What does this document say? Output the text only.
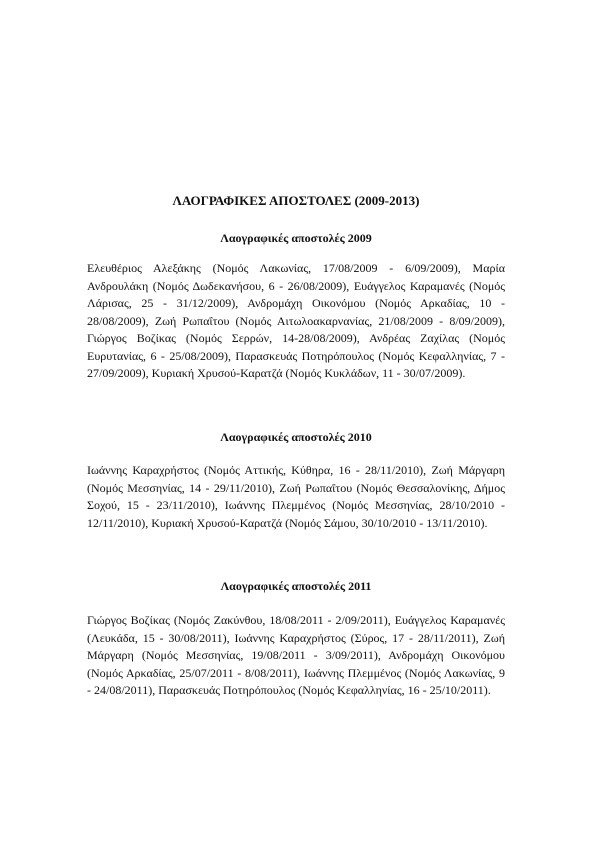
ΛΑΟΓΡΑΦΙΚΕΣ ΑΠΟΣΤΟΛΕΣ (2009-2013)
Λαογραφικές αποστολές 2009

Ελευθέριος Αλεξάκης (Νομός Λακωνίας, 17/08/2009 - 6/09/2009), Μαρία Ανδρουλάκη (Νομός Δωδεκανήσου, 6 - 26/08/2009), Ευάγγελος Καραμανές (Νομός Λάρισας, 25 - 31/12/2009), Ανδρομάχη Οικονόμου (Νομός Αρκαδίας, 10 - 28/08/2009), Ζωή Ρωπαΐτου (Νομός Αιτωλοακαρνανίας, 21/08/2009 - 8/09/2009), Γιώργος Βοζίκας (Νομός Σερρών, 14-28/08/2009), Ανδρέας Ζαχίλας (Νομός Ευρυτανίας, 6 - 25/08/2009), Παρασκευάς Ποτηρόπουλος (Νομός Κεφαλληνίας, 7 - 27/09/2009), Κυριακή Χρυσού-Καρατζά (Νομός Κυκλάδων, 11 - 30/07/2009).

Λαογραφικές αποστολές 2010

Ιωάννης Καραχρήστος (Νομός Αττικής, Κύθηρα, 16 - 28/11/2010), Ζωή Μάργαρη (Νομός Μεσσηνίας, 14 - 29/11/2010), Ζωή Ρωπαΐτου (Νομός Θεσσαλονίκης, Δήμος Σοχού, 15 - 23/11/2010), Ιωάννης Πλεμμένος (Νομός Μεσσηνίας, 28/10/2010 - 12/11/2010), Κυριακή Χρυσού-Καρατζά (Νομός Σάμου, 30/10/2010 - 13/11/2010).

Λαογραφικές αποστολές 2011

Γιώργος Βοζίκας (Νομός Ζακύνθου, 18/08/2011 - 2/09/2011), Ευάγγελος Καραμανές (Λευκάδα, 15 - 30/08/2011), Ιωάννης Καραχρήστος (Σύρος, 17 - 28/11/2011), Ζωή Μάργαρη (Νομός Μεσσηνίας, 19/08/2011 - 3/09/2011), Ανδρομάχη Οικονόμου (Νομός Αρκαδίας, 25/07/2011 - 8/08/2011), Ιωάννης Πλεμμένος (Νομός Λακωνίας, 9 - 24/08/2011), Παρασκευάς Ποτηρόπουλος (Νομός Κεφαλληνίας, 16 - 25/10/2011).
